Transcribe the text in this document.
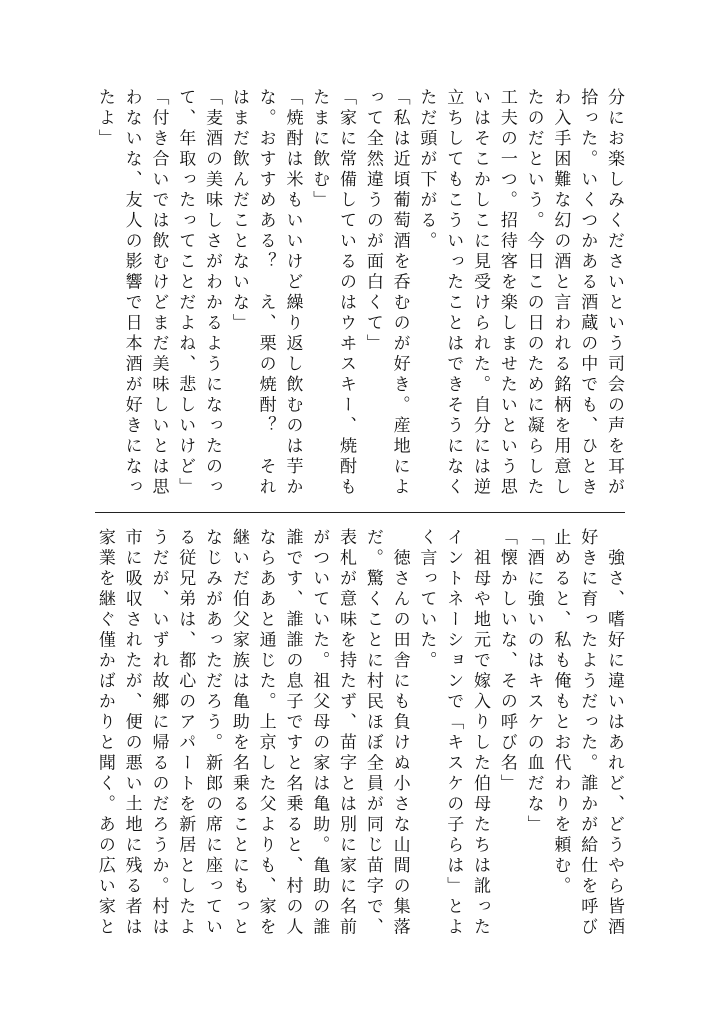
分にお楽しみくださいという司会の声を耳が
拾った。いくつかある酒蔵の中でも、ひとき
わ入手困難な幻の酒と言われる銘柄を用意し
たのだという。今日この日のために凝らした
工夫の一つ。招待客を楽しませたいという思
いはそこかしこに見受けられた。自分には逆
立ちしてもこういったことはできそうになく
ただ頭が下がる。
「私は近頃葡萄酒を呑むのが好き。産地によ
って全然違うのが面白くて」
「家に常備しているのはウヰスキー、焼酎も
たまに飲む」
「焼酎は米もいいけど繰り返し飲むのは芋か
な。おすすめある？　え、栗の焼酎？　それ
はまだ飲んだことないな」
「麦酒の美味しさがわかるようになったのっ
て、年取ったってことだよね、悲しいけど」
「付き合いでは飲むけどまだ美味しいとは思
わないな、友人の影響で日本酒が好きになっ
たよ」
　強さ、嗜好に違いはあれど、どうやら皆酒
好きに育ったようだった。誰かが給仕を呼び
止めると、私も俺もとお代わりを頼む。
「酒に強いのはキスケの血だな」
「懐かしいな、その呼び名」
　祖母や地元で嫁入りした伯母たちは訛った
イントネーションで「キスケの子らは」とよ
く言っていた。
　徳さんの田舎にも負けぬ小さな山間の集落
だ。驚くことに村民ほぼ全員が同じ苗字で、
表札が意味を持たず、苗字とは別に家に名前
がついていた。祖父母の家は亀助。亀助の誰
誰です、誰誰の息子ですと名乗ると、村の人
ならああと通じた。上京した父よりも、家を
継いだ伯父家族は亀助を名乗ることにもっと
なじみがあっただろう。新郎の席に座ってい
る従兄弟は、都心のアパートを新居としたよ
うだが、いずれ故郷に帰るのだろうか。村は
市に吸収されたが、便の悪い土地に残る者は
家業を継ぐ僅かばかりと聞く。あの広い家と
